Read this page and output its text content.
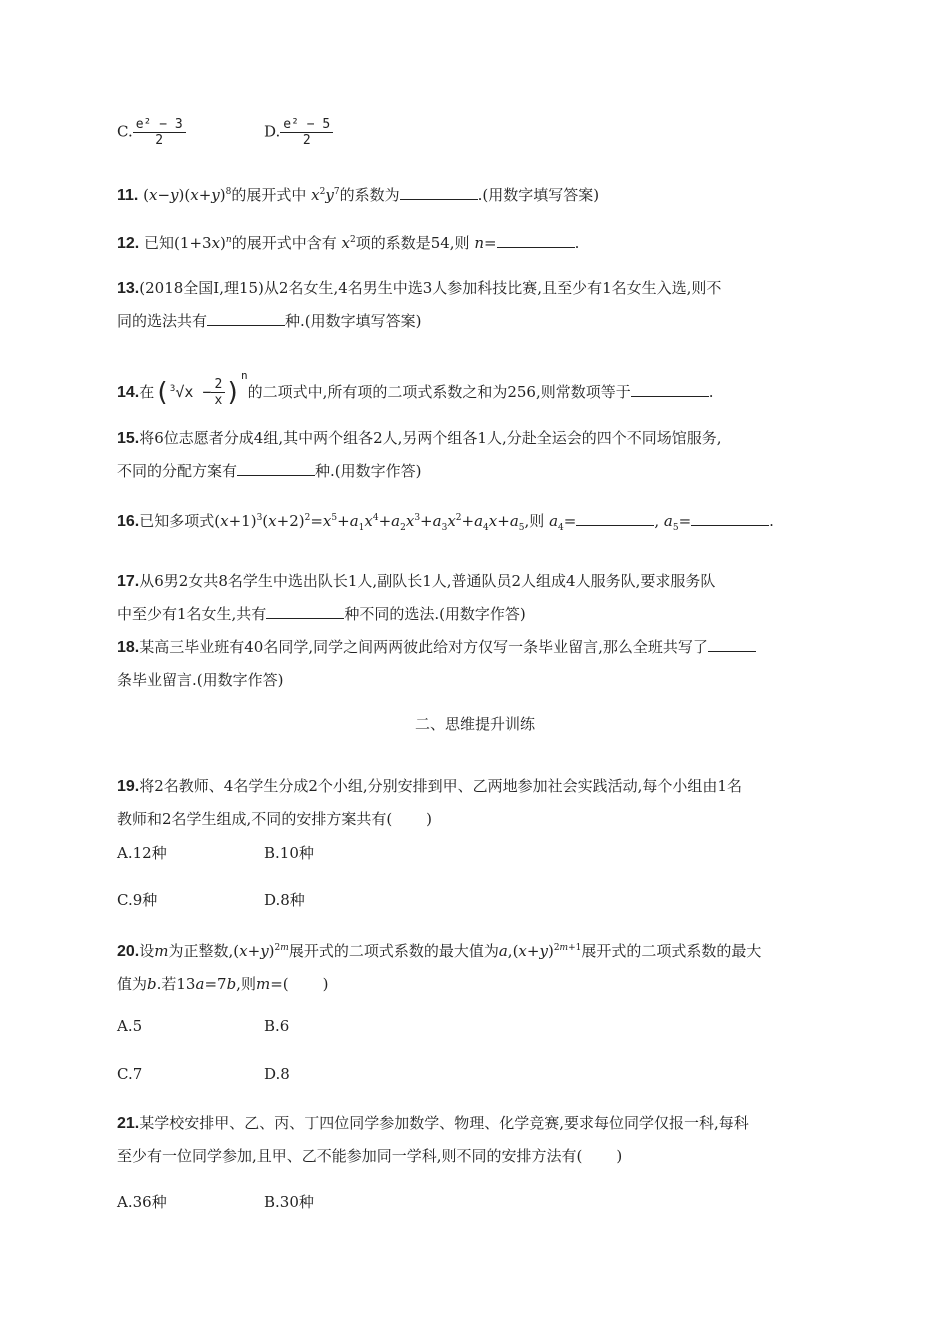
C. $\frac{\text{e² − 3}}{2}$	D. $\frac{\text{e² − 5}}{2}$
11. $(x-y)(x+y)^8$的展开式中 $x^2y^7$的系数为	.(用数字填写答案)
12. 已知$(1+3x)^n$的展开式中含有 $x^2$项的系数是54,则 n=	.
13.(2018全国Ⅰ,理15)从2名女生,4名男生中选3人参加科技比赛,且至少有1名女生入选,则不
同的选法共有	种.(用数字填写答案)
14.在$(^3√x - \frac{2}{x} )^n$的二项式中,所有项的二项式系数之和为256,则常数项等于	.
15.将6位志愿者分成4组,其中两个组各2人,另两个组各1人,分赴全运会的四个不同场馆服务,
不同的分配方案有	种.(用数字作答)
16.已知多项式$(x+1)^3(x+2)^2=x^5+a_1x^4+a_2x^3+a_3x^2+a_4x+a_5$,则 $a_4=$	, $a_5=$	.
17.从6男2女共8名学生中选出队长1人,副队长1人,普通队员2人组成4人服务队,要求服务队
中至少有1名女生,共有	种不同的选法.(用数字作答)
18.某高三毕业班有40名同学,同学之间两两彼此给对方仅写一条毕业留言,那么全班共写了
条毕业留言.(用数字作答)
二、思维提升训练
19.将2名教师、4名学生分成2个小组,分别安排到甲、乙两地参加社会实践活动,每个小组由1名
教师和2名学生组成,不同的安排方案共有( )
A.12种	B.10种
C.9种	D.8种
20.设m为正整数$,(x+y)^{2m}$展开式的二项式系数的最大值为$a,(x+y)^{2m+1}$展开式的二项式系数的最大
值为b.若13a=7b,则m=( )
A.5	B.6
C.7	D.8
21.某学校安排甲、乙、丙、丁四位同学参加数学、物理、化学竞赛,要求每位同学仅报一科,每科
至少有一位同学参加,且甲、乙不能参加同一学科,则不同的安排方法有( )
A.36种	B.30种
